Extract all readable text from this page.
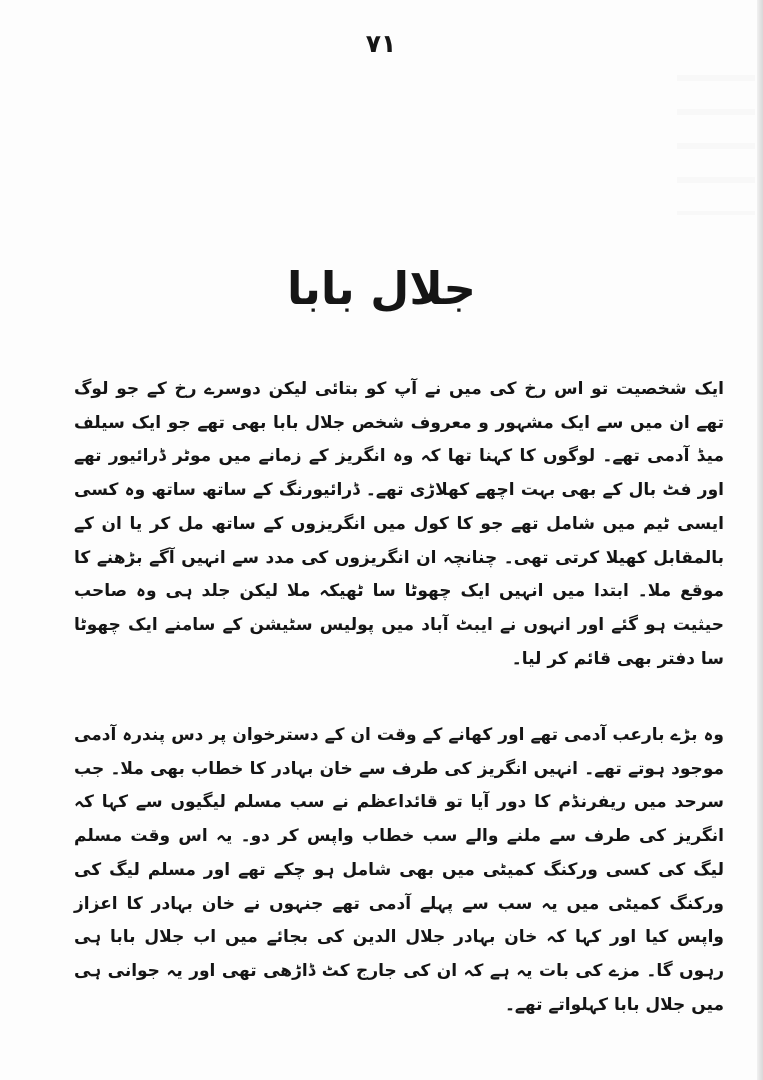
۷۱
جلال بابا

ایک شخصیت تو اس رخ کی میں نے آپ کو بتائی لیکن دوسرے رخ کے جو لوگ تھے ان میں سے ایک مشہور و معروف شخص جلال بابا بھی تھے جو ایک سیلف میڈ آدمی تھے۔ لوگوں کا کہنا تھا کہ وہ انگریز کے زمانے میں موٹر ڈرائیور تھے اور فٹ بال کے بھی بہت اچھے کھلاڑی تھے۔ ڈرائیورنگ کے ساتھ ساتھ وہ کسی ایسی ٹیم میں شامل تھے جو کا کول میں انگریزوں کے ساتھ مل کر یا ان کے بالمقابل کھیلا کرتی تھی۔ چنانچہ ان انگریزوں کی مدد سے انہیں آگے بڑھنے کا موقع ملا۔ ابتدا میں انہیں ایک چھوٹا سا ٹھیکہ ملا لیکن جلد ہی وہ صاحب حیثیت ہو گئے اور انہوں نے ایبٹ آباد میں پولیس سٹیشن کے سامنے ایک چھوٹا سا دفتر بھی قائم کر لیا۔

وہ بڑے بارعب آدمی تھے اور کھانے کے وقت ان کے دسترخوان پر دس پندرہ آدمی موجود ہوتے تھے۔ انہیں انگریز کی طرف سے خان بہادر کا خطاب بھی ملا۔ جب سرحد میں ریفرنڈم کا دور آیا تو قائداعظم نے سب مسلم لیگیوں سے کہا کہ انگریز کی طرف سے ملنے والے سب خطاب واپس کر دو۔ یہ اس وقت مسلم لیگ کی کسی ورکنگ کمیٹی میں بھی شامل ہو چکے تھے اور مسلم لیگ کی ورکنگ کمیٹی میں یہ سب سے پہلے آدمی تھے جنہوں نے خان بہادر کا اعزاز واپس کیا اور کہا کہ خان بہادر جلال الدین کی بجائے میں اب جلال بابا ہی رہوں گا۔ مزے کی بات یہ ہے کہ ان کی جارج کٹ ڈاڑھی تھی اور یہ جوانی ہی میں جلال بابا کہلواتے تھے۔
